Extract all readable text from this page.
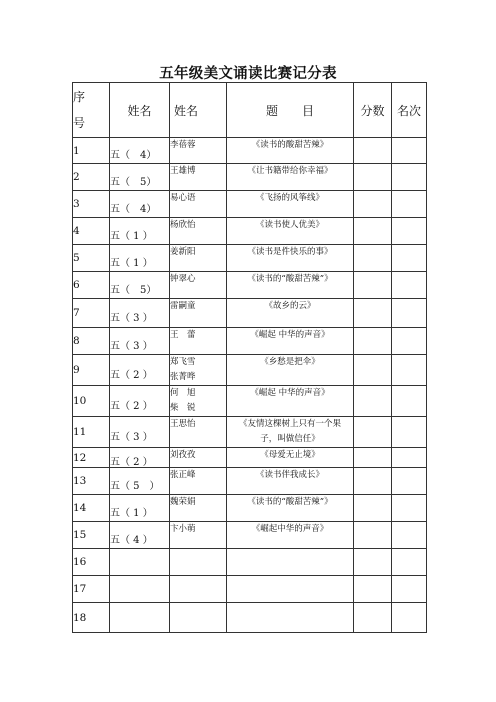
五年级美文诵读比赛记分表
序
号	姓名	姓名	题　　目	分数	名次
1	五（　4）	李蓓蓉	《读书的酸甜苦辣》		

2	五（　5）	王雄博	《让书籍带给你幸福》		

3	五（　4）	易心语	《飞扬的风筝线》		

4	五（ 1 ）	杨欣怡	《读书使人优美》		

5	五（ 1 ）	姜新阳	《读书是件快乐的事》		

6	五（　5）	钟翠心	《读书的“酸甜苦辣”》		

7	五（ 3 ）	雷嗣童	《故乡的云》		

8	五（ 3 ）	王　蕾	《崛起 中华的声音》		

9	五（ 2 ）	郑飞雪
张菁哗	《乡愁是把伞》		

10	五（ 2 ）	何　旭
柴　锐	《崛起 中华的声音》		

11	五（ 3 ）	王思怡	《友情这棵树上只有一个果
子，叫做信任》		

12	五（ 2 ）	刘孜孜	《母爱无止境》		

13	五（ 5　）	张正峰	《读书伴我成长》		

14	五（ 1 ）	魏荣娟	《读书的“酸甜苦辣”》		

15	五（ 4 ）	卞小萌	《崛起中华的声音》		

16	

17	

18	
